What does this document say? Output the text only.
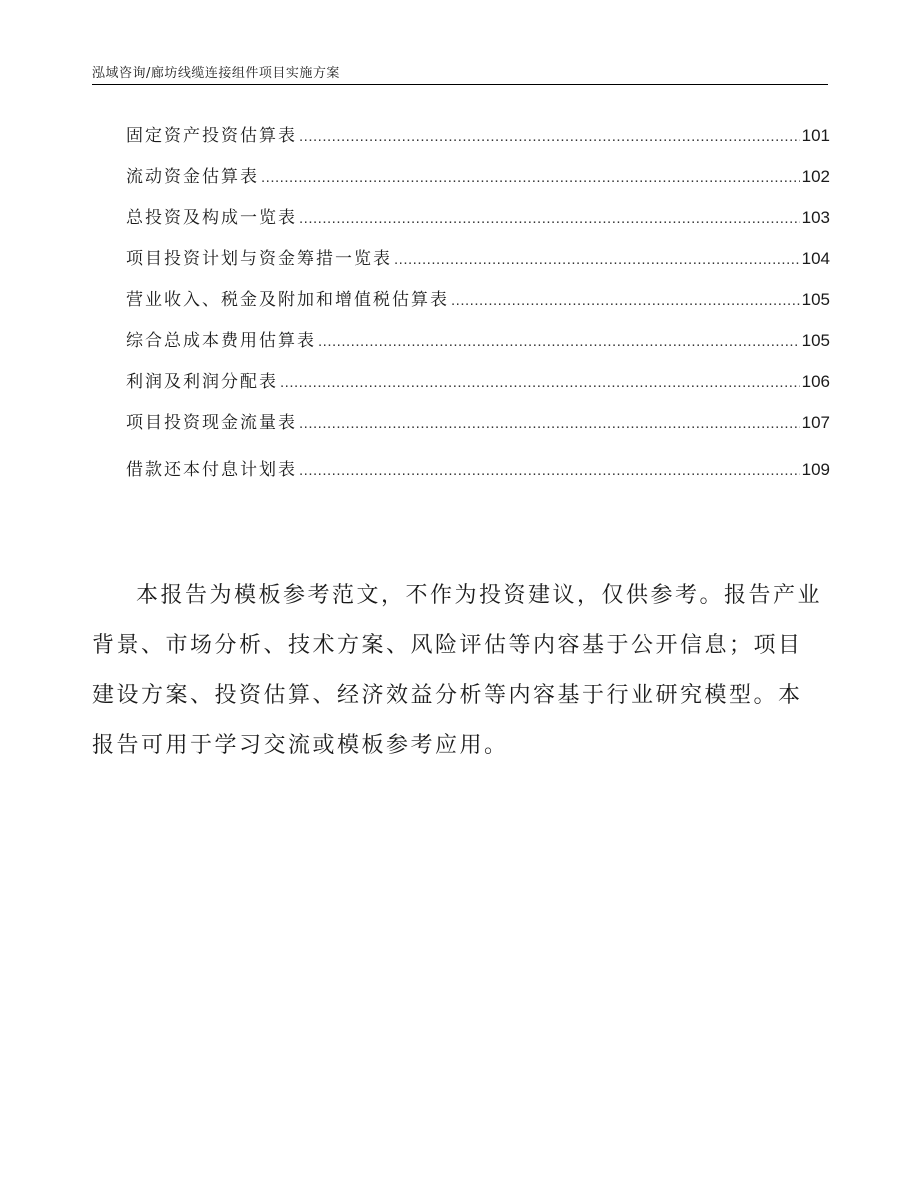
泓域咨询/廊坊线缆连接组件项目实施方案
固定资产投资估算表 .....	101
流动资金估算表 .....	102
总投资及构成一览表 .....	103
项目投资计划与资金筹措一览表 .....	104
营业收入、税金及附加和增值税估算表 .....	105
综合总成本费用估算表 .....	105
利润及利润分配表 .....	106
项目投资现金流量表 .....	107
借款还本付息计划表 .....	109

本报告为模板参考范文，不作为投资建议，仅供参考。报告产业背景、市场分析、技术方案、风险评估等内容基于公开信息；项目建设方案、投资估算、经济效益分析等内容基于行业研究模型。本报告可用于学习交流或模板参考应用。
